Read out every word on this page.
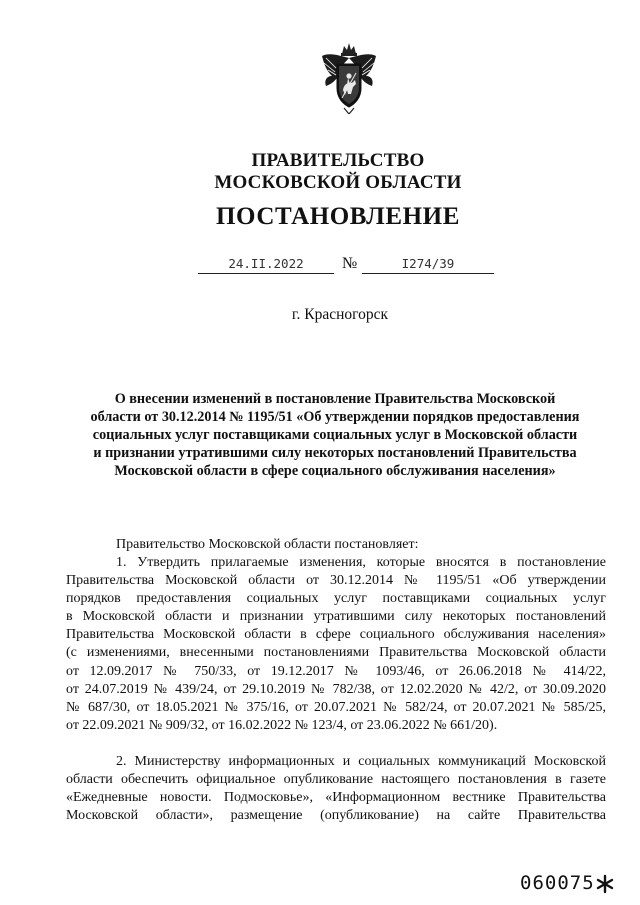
ПРАВИТЕЛЬСТВО
МОСКОВСКОЙ ОБЛАСТИ
ПОСТАНОВЛЕНИЕ
24.II.2022	№	I274/39
г. Красногорск
О внесении изменений в постановление Правительства Московской
области от 30.12.2014 № 1195/51 «Об утверждении порядков предоставления
социальных услуг поставщиками социальных услуг в Московской области
и признании утратившими силу некоторых постановлений Правительства
Московской области в сфере социального обслуживания населения»
Правительство Московской области постановляет:
1. Утвердить прилагаемые изменения, которые вносятся в постановление
Правительства Московской области от 30.12.2014 № 1195/51 «Об утверждении
порядков предоставления социальных услуг поставщиками социальных услуг
в Московской области и признании утратившими силу некоторых постановлений
Правительства Московской области в сфере социального обслуживания населения»
(с изменениями, внесенными постановлениями Правительства Московской области
от 12.09.2017 № 750/33, от 19.12.2017 № 1093/46, от 26.06.2018 № 414/22,
от 24.07.2019 № 439/24, от 29.10.2019 № 782/38, от 12.02.2020 № 42/2, от 30.09.2020
№ 687/30, от 18.05.2021 № 375/16, от 20.07.2021 № 582/24, от 20.07.2021 № 585/25,
от 22.09.2021 № 909/32, от 16.02.2022 № 123/4, от 23.06.2022 № 661/20).
2. Министерству информационных и социальных коммуникаций Московской
области обеспечить официальное опубликование настоящего постановления в газете
«Ежедневные новости. Подмосковье», «Информационном вестнике Правительства
Московской области», размещение (опубликование) на сайте Правительства
060075
